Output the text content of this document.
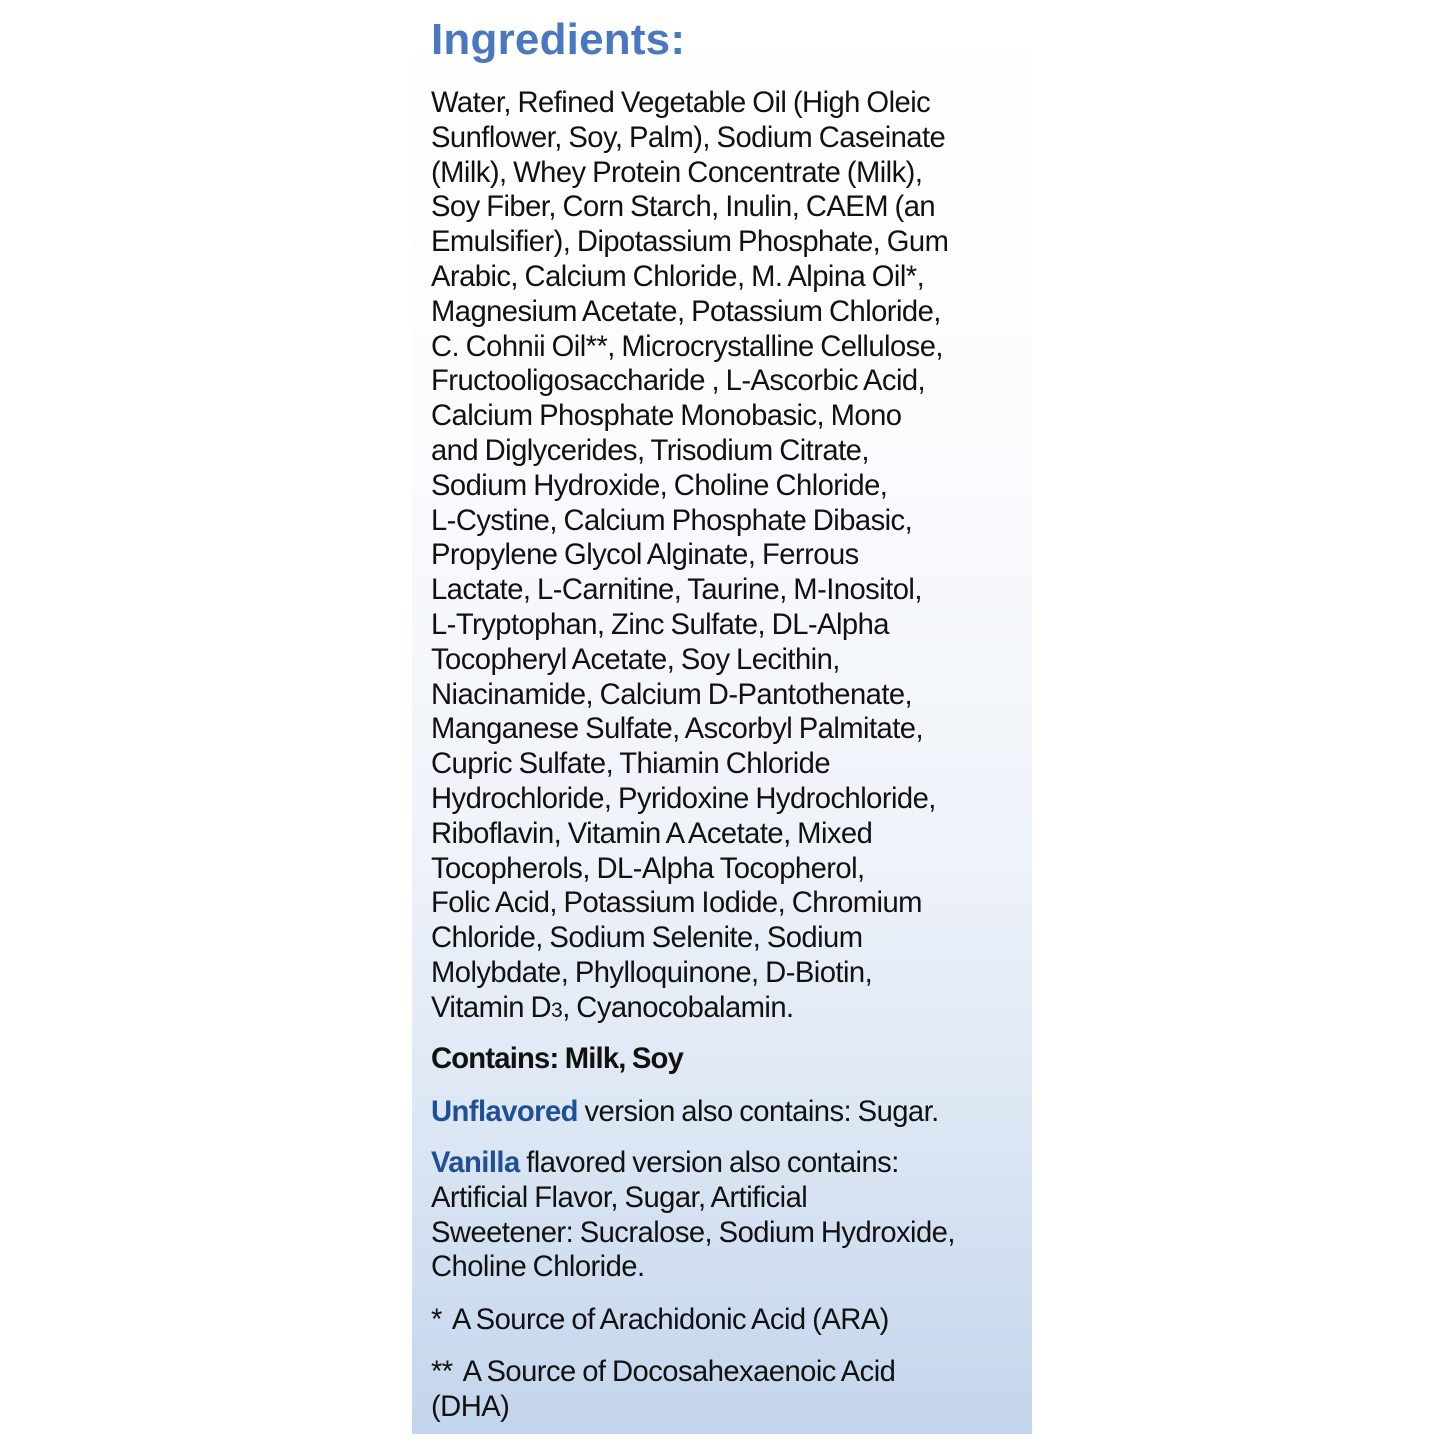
Ingredients:
Water, Refined Vegetable Oil (High Oleic
Sunflower, Soy, Palm), Sodium Caseinate
(Milk), Whey Protein Concentrate (Milk),
Soy Fiber, Corn Starch, Inulin, CAEM (an
Emulsifier), Dipotassium Phosphate, Gum
Arabic, Calcium Chloride, M. Alpina Oil*,
Magnesium Acetate, Potassium Chloride,
C. Cohnii Oil**, Microcrystalline Cellulose,
Fructooligosaccharide , L-Ascorbic Acid,
Calcium Phosphate Monobasic, Mono
and Diglycerides, Trisodium Citrate,
Sodium Hydroxide, Choline Chloride,
L-Cystine, Calcium Phosphate Dibasic,
Propylene Glycol Alginate, Ferrous
Lactate, L-Carnitine, Taurine, M-Inositol,
L-Tryptophan, Zinc Sulfate, DL-Alpha
Tocopheryl Acetate, Soy Lecithin,
Niacinamide, Calcium D-Pantothenate,
Manganese Sulfate, Ascorbyl Palmitate,
Cupric Sulfate, Thiamin Chloride
Hydrochloride, Pyridoxine Hydrochloride,
Riboflavin, Vitamin A Acetate, Mixed
Tocopherols, DL-Alpha Tocopherol,
Folic Acid, Potassium Iodide, Chromium
Chloride, Sodium Selenite, Sodium
Molybdate, Phylloquinone, D-Biotin,
Vitamin D3, Cyanocobalamin.
Contains: Milk, Soy
Unflavored version also contains: Sugar.
Vanilla flavored version also contains:
Artificial Flavor, Sugar, Artificial
Sweetener: Sucralose, Sodium Hydroxide,
Choline Chloride.
* A Source of Arachidonic Acid (ARA)
** A Source of Docosahexaenoic Acid
(DHA)
